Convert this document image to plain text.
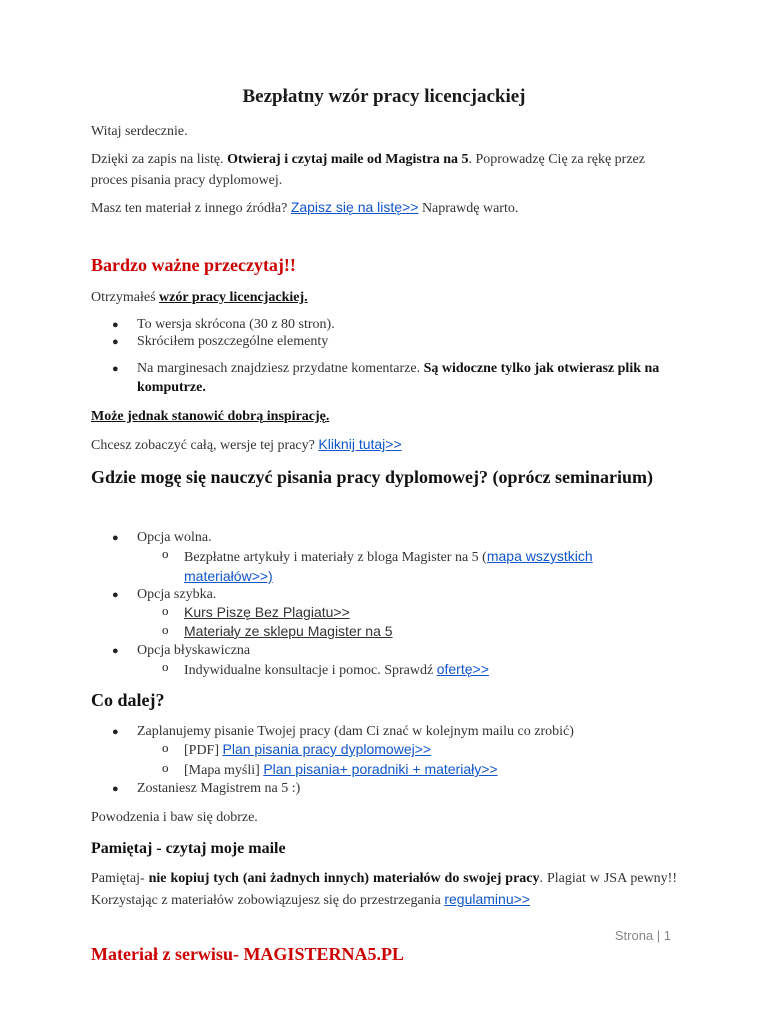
Bezpłatny wzór pracy licencjackiej
Witaj serdecznie.
Dzięki za zapis na listę. Otwieraj i czytaj maile od Magistra na 5. Poprowadzę Cię za rękę przez proces pisania pracy dyplomowej.
Masz ten materiał z innego źródła? Zapisz się na listę>> Naprawdę warto.
Bardzo ważne przeczytaj!!
Otrzymałeś wzór pracy licencjackiej.
● To wersja skrócona (30 z 80 stron).
● Skróciłem poszczególne elementy
● Na marginesach znajdziesz przydatne komentarze. Są widoczne tylko jak otwierasz plik na komputrze.
Może jednak stanowić dobrą inspirację.
Chcesz zobaczyć całą, wersje tej pracy? Kliknij tutaj>>
Gdzie mogę się nauczyć pisania pracy dyplomowej? (oprócz seminarium)
● Opcja wolna.
o Bezpłatne artykuły i materiały z bloga Magister na 5 (mapa wszystkich materiałów>>)
● Opcja szybka.
o Kurs Piszę Bez Plagiatu>>
o Materiały ze sklepu Magister na 5
● Opcja błyskawiczna
o Indywidualne konsultacje i pomoc. Sprawdź ofertę>>
Co dalej?
● Zaplanujemy pisanie Twojej pracy (dam Ci znać w kolejnym mailu co zrobić)
o [PDF] Plan pisania pracy dyplomowej>>
o [Mapa myśli] Plan pisania+ poradniki + materiały>>
● Zostaniesz Magistrem na 5 :)
Powodzenia i baw się dobrze.
Pamiętaj - czytaj moje maile
Pamiętaj- nie kopiuj tych (ani żadnych innych) materiałów do swojej pracy. Plagiat w JSA pewny!! Korzystając z materiałów zobowiązujesz się do przestrzegania regulaminu>>
Strona | 1
Materiał z serwisu- MAGISTERNA5.PL
